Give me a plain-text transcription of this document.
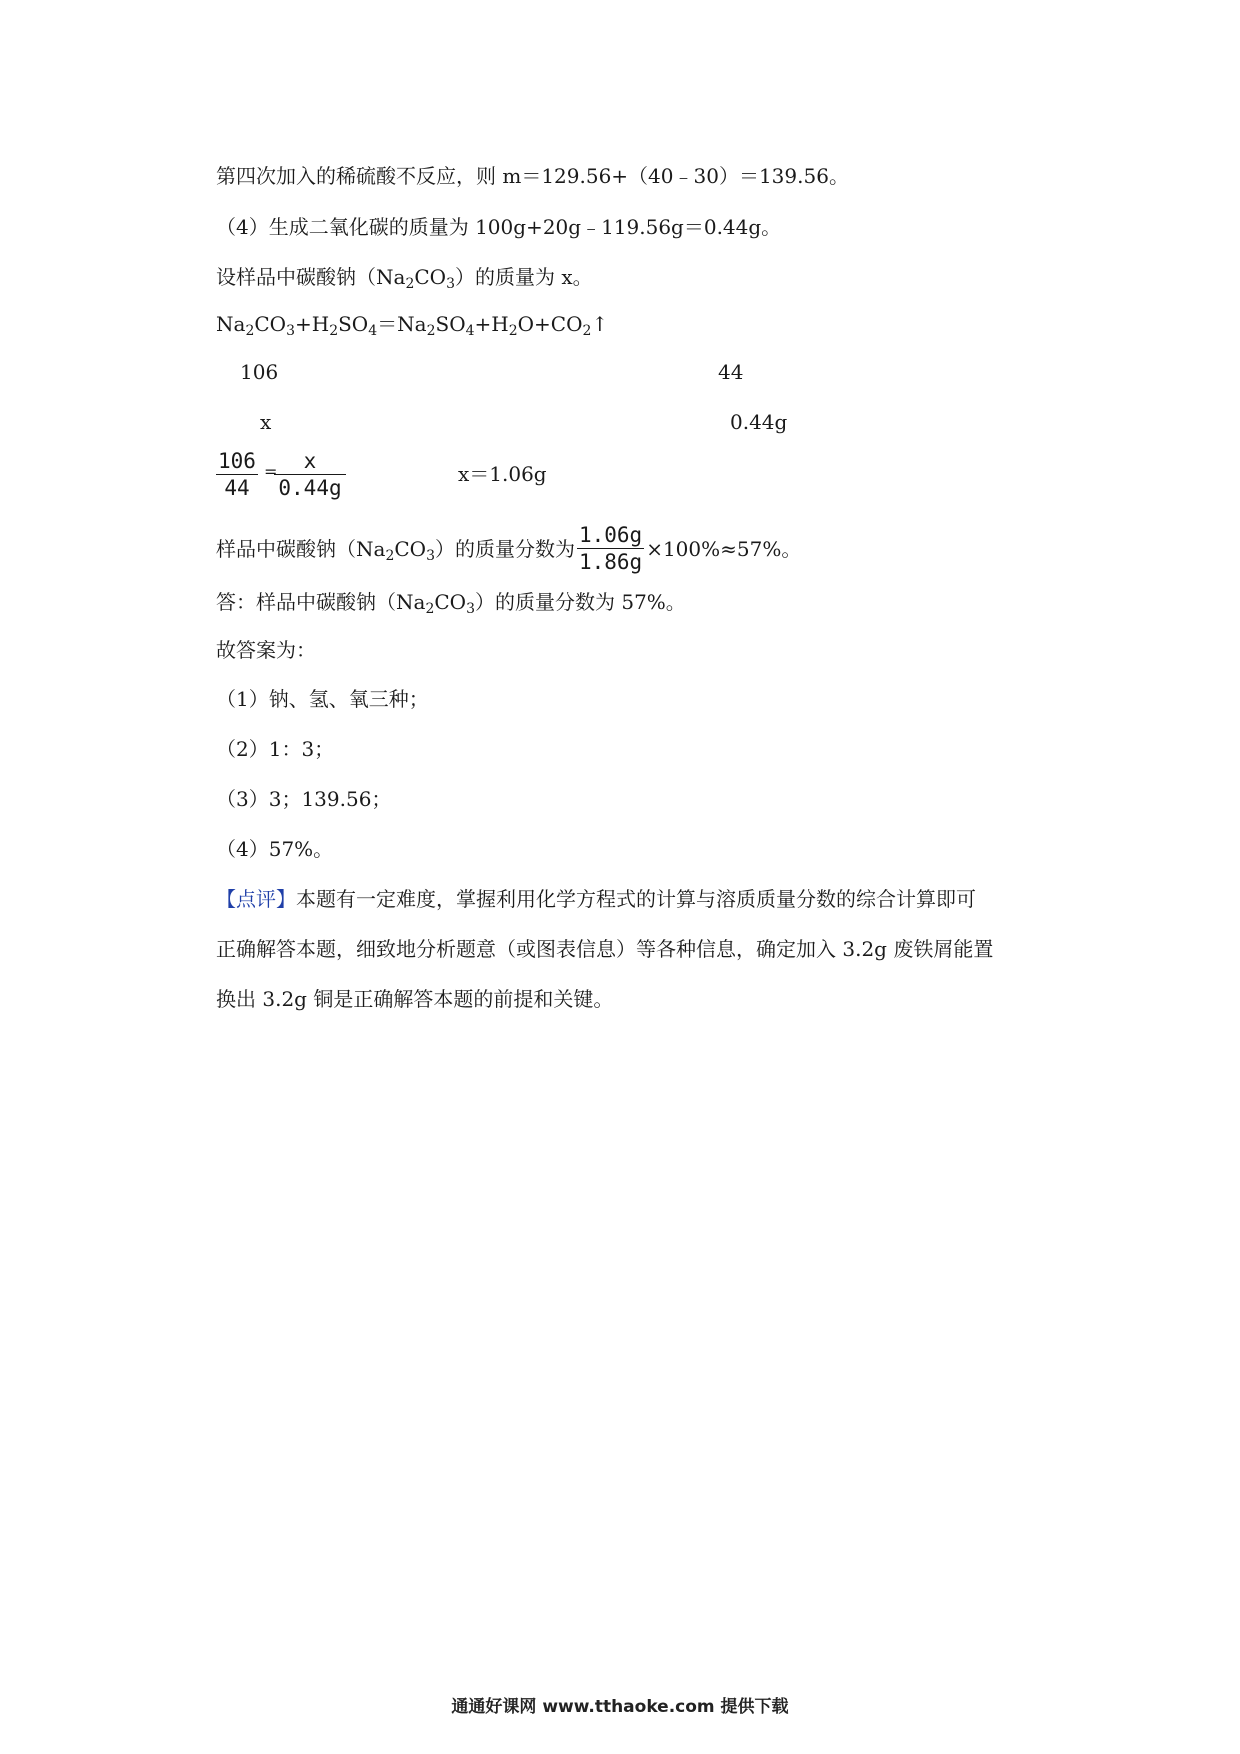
第四次加入的稀硫酸不反应，则 m＝129.56+（40﹣30）＝139.56。
（4）生成二氧化碳的质量为 100g+20g﹣119.56g＝0.44g。
设样品中碳酸钠$(Na_2CO_3)$的质量为 x。
$Na_2CO_3+H_2SO_4=Na_2SO_4+H_2O+CO_2↑$
106	44
x	0.44g
$\frac{106}{44}$ =
$\frac{x}{0.44g}$	x＝1.06g
样品中碳酸钠$(Na_2CO_3)$的质量分数为 $\frac{1.06g}{1.86g} \times 100\%\approx 57\%$。
答：样品中碳酸钠$(Na_2CO_3)$的质量分数为 57%。
故答案为：
（1）钠、氢、氧三种；
（2）1：3；
（3）3；139.56；
（4）57%。
【点评】本题有一定难度，掌握利用化学方程式的计算与溶质质量分数的综合计算即可
正确解答本题，细致地分析题意（或图表信息）等各种信息，确定加入 3.2g 废铁屑能置
换出 3.2g 铜是正确解答本题的前提和关键。
通通好课网 www.tthaoke.com 提供下载
